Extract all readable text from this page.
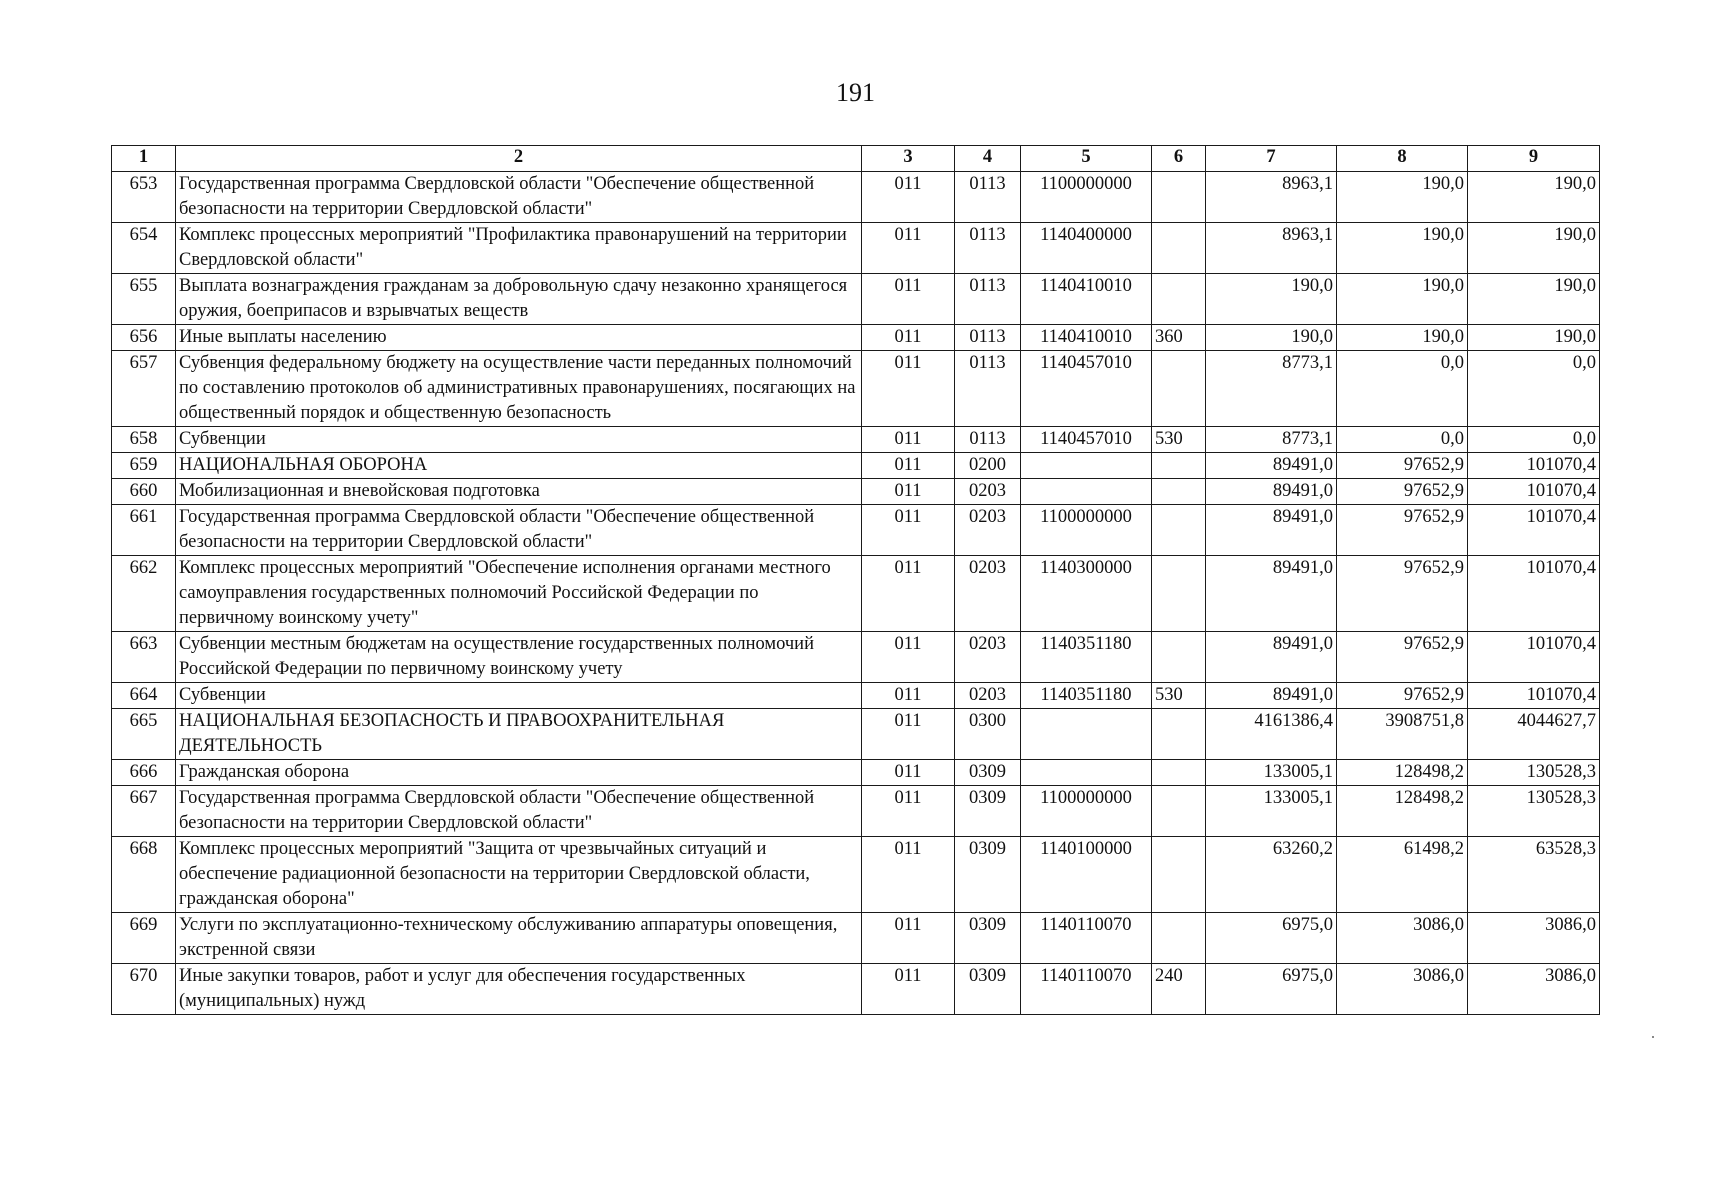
191
1	2	3	4	5	6	7	8	9
653	Государственная программа Свердловской области "Обеспечение общественной безопасности на территории Свердловской области"	011	0113	1100000000		8963,1	190,0	190,0
654	Комплекс процессных мероприятий "Профилактика правонарушений на территории Свердловской области"	011	0113	1140400000		8963,1	190,0	190,0
655	Выплата вознаграждения гражданам за добровольную сдачу незаконно хранящегося оружия, боеприпасов и взрывчатых веществ	011	0113	1140410010		190,0	190,0	190,0
656	Иные выплаты населению	011	0113	1140410010	360	190,0	190,0	190,0
657	Субвенция федеральному бюджету на осуществление части переданных полномочий по составлению протоколов об административных правонарушениях, посягающих на общественный порядок и общественную безопасность	011	0113	1140457010		8773,1	0,0	0,0
658	Субвенции	011	0113	1140457010	530	8773,1	0,0	0,0
659	НАЦИОНАЛЬНАЯ ОБОРОНА	011	0200			89491,0	97652,9	101070,4
660	Мобилизационная и вневойсковая подготовка	011	0203			89491,0	97652,9	101070,4
661	Государственная программа Свердловской области "Обеспечение общественной безопасности на территории Свердловской области"	011	0203	1100000000		89491,0	97652,9	101070,4
662	Комплекс процессных мероприятий "Обеспечение исполнения органами местного самоуправления государственных полномочий Российской Федерации по первичному воинскому учету"	011	0203	1140300000		89491,0	97652,9	101070,4
663	Субвенции местным бюджетам на осуществление государственных полномочий Российской Федерации по первичному воинскому учету	011	0203	1140351180		89491,0	97652,9	101070,4
664	Субвенции	011	0203	1140351180	530	89491,0	97652,9	101070,4
665	НАЦИОНАЛЬНАЯ БЕЗОПАСНОСТЬ И ПРАВООХРАНИТЕЛЬНАЯ ДЕЯТЕЛЬНОСТЬ	011	0300			4161386,4	3908751,8	4044627,7
666	Гражданская оборона	011	0309			133005,1	128498,2	130528,3
667	Государственная программа Свердловской области "Обеспечение общественной безопасности на территории Свердловской области"	011	0309	1100000000		133005,1	128498,2	130528,3
668	Комплекс процессных мероприятий "Защита от чрезвычайных ситуаций и обеспечение радиационной безопасности на территории Свердловской области, гражданская оборона"	011	0309	1140100000		63260,2	61498,2	63528,3
669	Услуги по эксплуатационно-техническому обслуживанию аппаратуры оповещения, экстренной связи	011	0309	1140110070		6975,0	3086,0	3086,0
670	Иные закупки товаров, работ и услуг для обеспечения государственных (муниципальных) нужд	011	0309	1140110070	240	6975,0	3086,0	3086,0
